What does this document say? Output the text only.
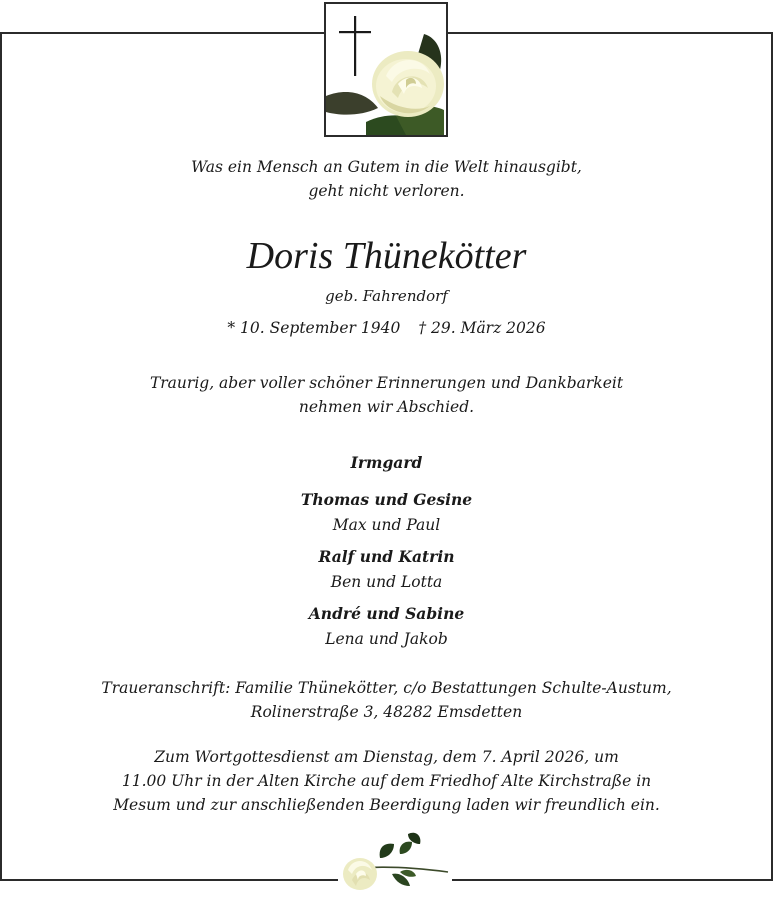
Was ein Mensch an Gutem in die Welt hinausgibt,
geht nicht verloren.
Doris Thünekötter
geb. Fahrendorf
* 10. September 1940 † 29. März 2026
Traurig, aber voller schöner Erinnerungen und Dankbarkeit
nehmen wir Abschied.
Irmgard
Thomas und Gesine
Max und Paul
Ralf und Katrin
Ben und Lotta
André und Sabine
Lena und Jakob
Traueranschrift: Familie Thünekötter, c/o Bestattungen Schulte-Austum,
Rolinerstraße 3, 48282 Emsdetten
Zum Wortgottesdienst am Dienstag, dem 7. April 2026, um
11.00 Uhr in der Alten Kirche auf dem Friedhof Alte Kirchstraße in
Mesum und zur anschließenden Beerdigung laden wir freundlich ein.
